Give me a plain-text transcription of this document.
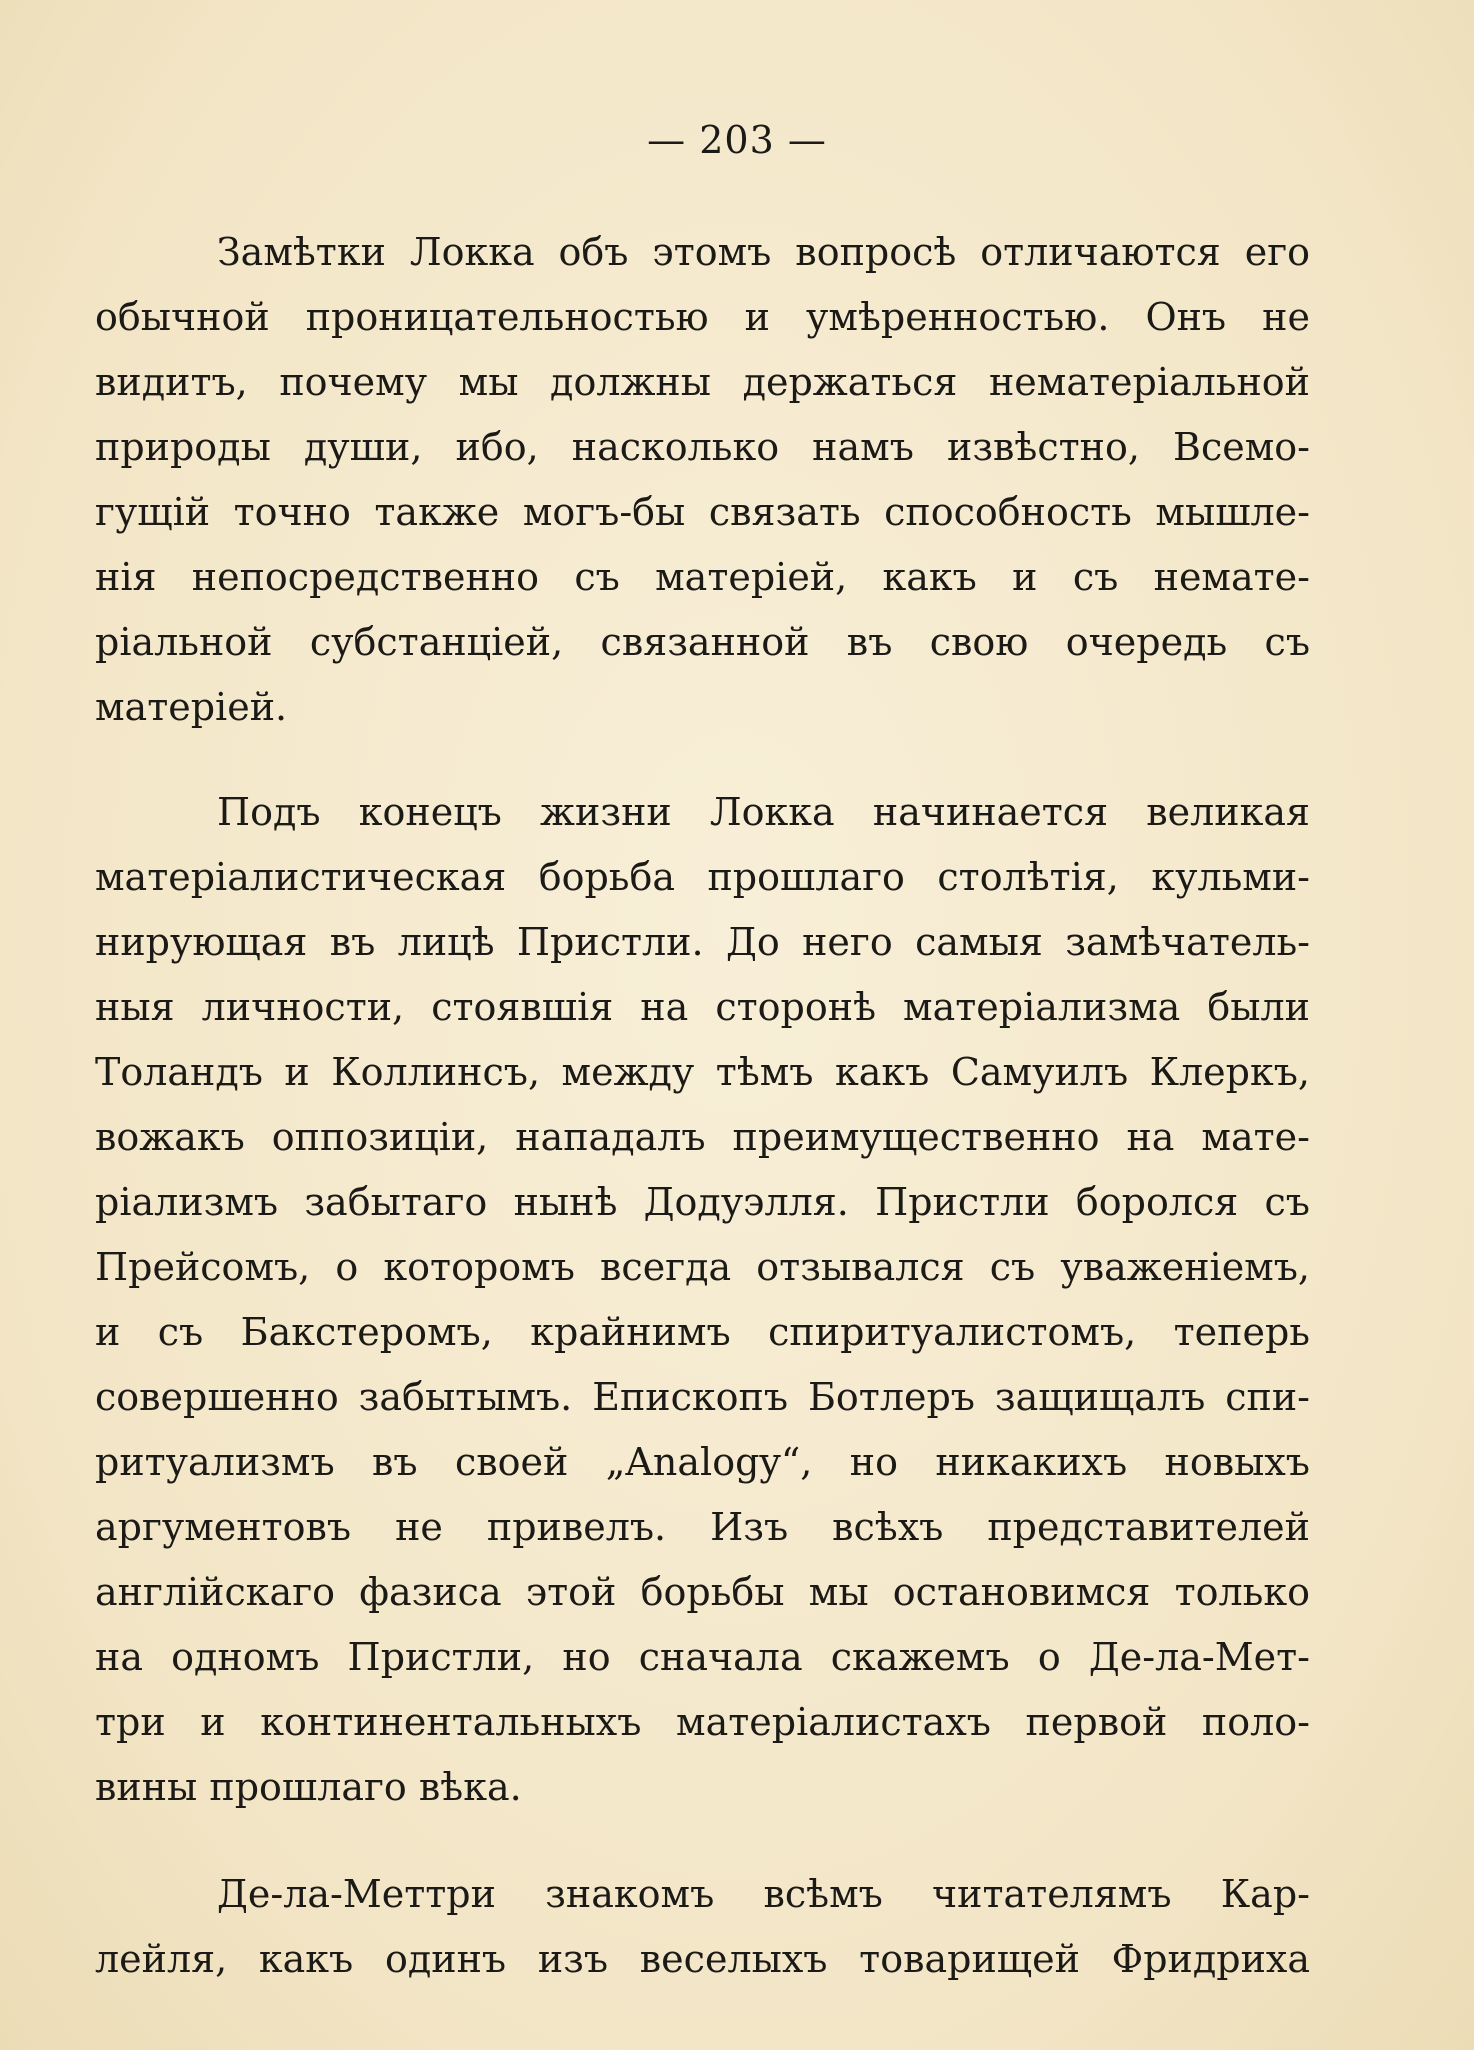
— 203 —
Замѣтки Локка объ этомъ вопросѣ отличаются его
обычной проницательностью и умѣренностью. Онъ не
видитъ, почему мы должны держаться нематеріальной
природы души, ибо, насколько намъ извѣстно, Всемо-
гущій точно также могъ-бы связать способность мышле-
нія непосредственно съ матеріей, какъ и съ немате-
ріальной субстанціей, связанной въ свою очередь съ
матеріей.
Подъ конецъ жизни Локка начинается великая
матеріалистическая борьба прошлаго столѣтія, кульми-
нирующая въ лицѣ Пристли. До него самыя замѣчатель-
ныя личности, стоявшія на сторонѣ матеріализма были
Толандъ и Коллинсъ, между тѣмъ какъ Самуилъ Клеркъ,
вожакъ оппозиціи, нападалъ преимущественно на мате-
ріализмъ забытаго нынѣ Додуэлля. Пристли боролся съ
Прейсомъ, о которомъ всегда отзывался съ уваженіемъ,
и съ Бакстеромъ, крайнимъ спиритуалистомъ, теперь
совершенно забытымъ. Епископъ Ботлеръ защищалъ спи-
ритуализмъ въ своей „Analogy“, но никакихъ новыхъ
аргументовъ не привелъ. Изъ всѣхъ представителей
англійскаго фазиса этой борьбы мы остановимся только
на одномъ Пристли, но сначала скажемъ о Де-ла-Мет-
три и континентальныхъ матеріалистахъ первой поло-
вины прошлаго вѣка.
Де-ла-Меттри знакомъ всѣмъ читателямъ Кар-
лейля, какъ одинъ изъ веселыхъ товарищей Фридриха
